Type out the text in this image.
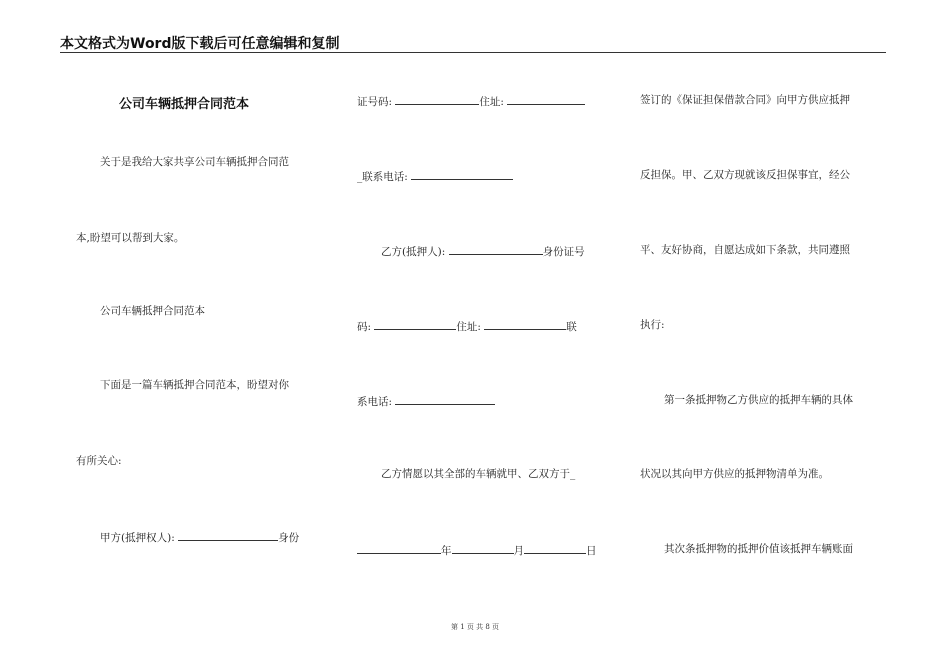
本文格式为Word版下载后可任意编辑和复制
公司车辆抵押合同范本
关于是我给大家共享公司车辆抵押合同范
本,盼望可以帮到大家。
公司车辆抵押合同范本
下面是一篇车辆抵押合同范本，盼望对你
有所关心:
甲方(抵押权人):	身份
证号码:	住址:
_联系电话:
乙方(抵押人):	身份证号
码:	住址:	联
系电话:
乙方情愿以其全部的车辆就甲、乙双方于_
年	月	日
签订的《保证担保借款合同》向甲方供应抵押
反担保。甲、乙双方现就该反担保事宜，经公
平、友好协商，自愿达成如下条款，共同遵照
执行:
第一条抵押物乙方供应的抵押车辆的具体
状况以其向甲方供应的抵押物清单为准。
其次条抵押物的抵押价值该抵押车辆账面
第 1 页 共 8 页
